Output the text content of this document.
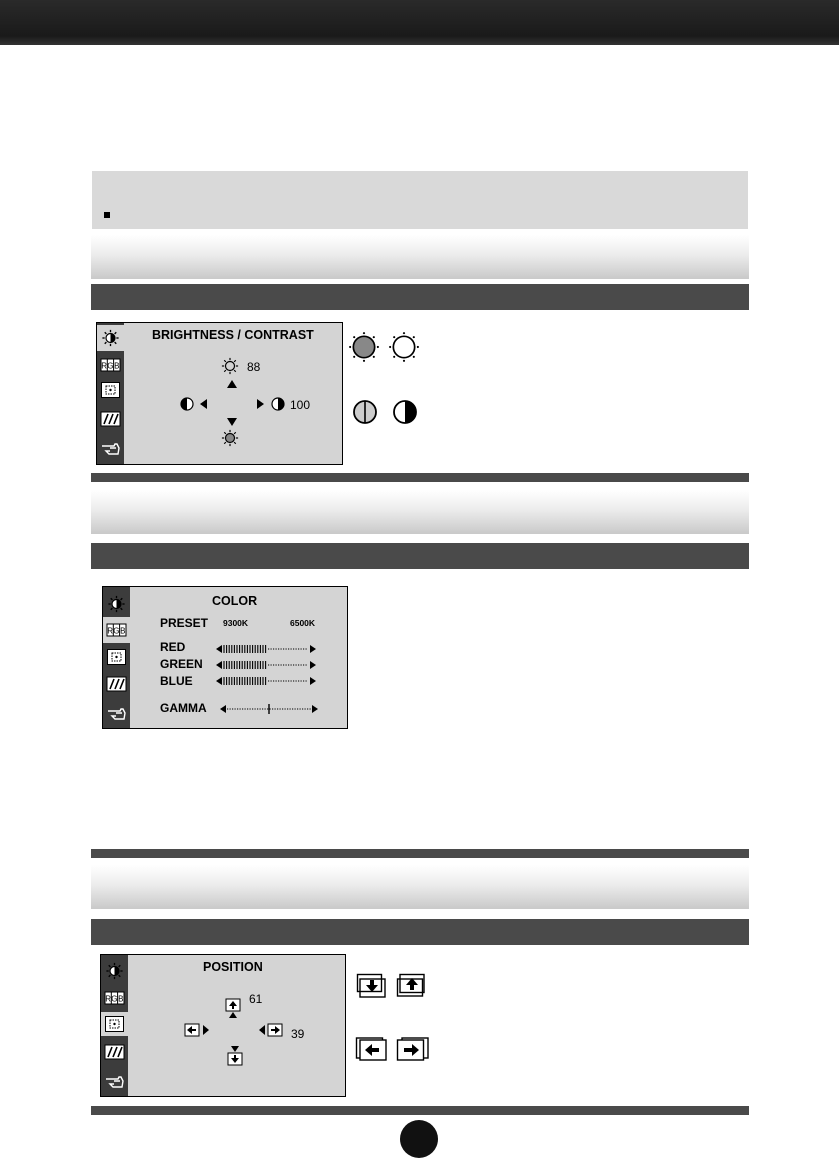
BRIGHTNESS / CONTRAST
88
100
COLOR
PRESET 9300K	6500K
RED
GREEN
BLUE
GAMMA
POSITION
61
39
